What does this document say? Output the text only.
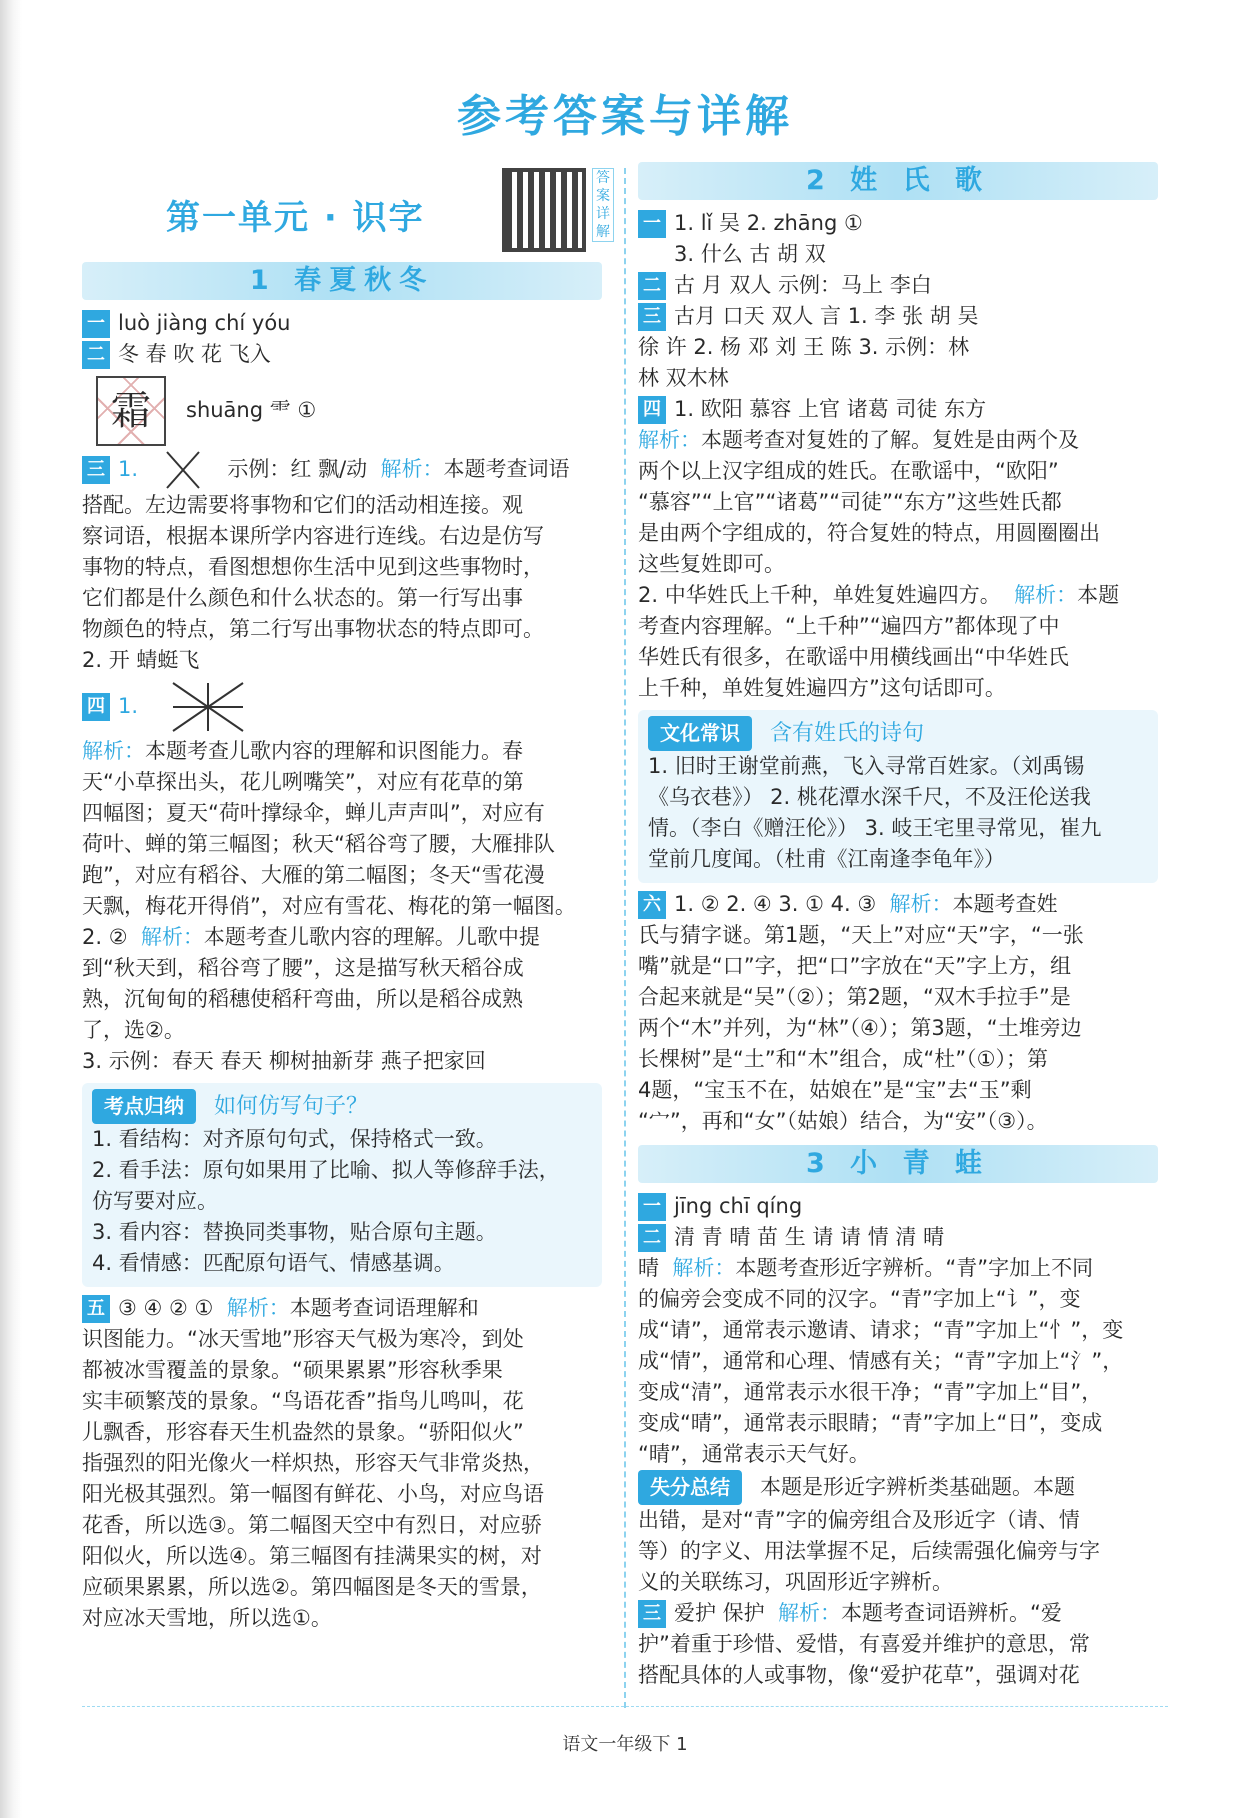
参考答案与详解
第一单元 · 识字
答案详解
1 春夏秋冬

一 luò jiàng chí yóu

二 冬 春 吹 花 飞入

霜 shuāng ⻗ ①

三 1.	示例：红 飘/动 解析：本题考查词语

搭配。左边需要将事物和它们的活动相连接。观

察词语，根据本课所学内容进行连线。右边是仿写

事物的特点，看图想想你生活中见到这些事物时，

它们都是什么颜色和什么状态的。第一行写出事

物颜色的特点，第二行写出事物状态的特点即可。

2. 开 蜻蜓飞

四 1.

解析：本题考查儿歌内容的理解和识图能力。春

天“小草探出头，花儿咧嘴笑”，对应有花草的第

四幅图；夏天“荷叶撑绿伞，蝉儿声声叫”，对应有

荷叶、蝉的第三幅图；秋天“稻谷弯了腰，大雁排队

跑”，对应有稻谷、大雁的第二幅图；冬天“雪花漫

天飘，梅花开得俏”，对应有雪花、梅花的第一幅图。

2. ② 解析：本题考查儿歌内容的理解。儿歌中提

到“秋天到，稻谷弯了腰”，这是描写秋天稻谷成

熟，沉甸甸的稻穗使稻秆弯曲，所以是稻谷成熟

了，选②。

3. 示例：春天 春天 柳树抽新芽 燕子把家回

考点归纳 如何仿写句子？

1. 看结构：对齐原句句式，保持格式一致。

2. 看手法：原句如果用了比喻、拟人等修辞手法，

仿写要对应。

3. 看内容：替换同类事物，贴合原句主题。

4. 看情感：匹配原句语气、情感基调。

五 ③ ④ ② ① 解析：本题考查词语理解和

识图能力。“冰天雪地”形容天气极为寒冷，到处

都被冰雪覆盖的景象。“硕果累累”形容秋季果

实丰硕繁茂的景象。“鸟语花香”指鸟儿鸣叫，花

儿飘香，形容春天生机盎然的景象。“骄阳似火”

指强烈的阳光像火一样炽热，形容天气非常炎热，

阳光极其强烈。第一幅图有鲜花、小鸟，对应鸟语

花香，所以选③。第二幅图天空中有烈日，对应骄

阳似火，所以选④。第三幅图有挂满果实的树，对

应硕果累累，所以选②。第四幅图是冬天的雪景，

对应冰天雪地，所以选①。

2 姓 氏 歌

一 1. lǐ 吴 2. zhāng ①

3. 什么 古 胡 双

二 古 月 双人 示例：马上 李白

三 古月 口天 双人 言 1. 李 张 胡 吴

徐 许 2. 杨 邓 刘 王 陈 3. 示例：林

林 双木林

四 1. 欧阳 慕容 上官 诸葛 司徒 东方

解析：本题考查对复姓的了解。复姓是由两个及

两个以上汉字组成的姓氏。在歌谣中，“欧阳”

“慕容”“上官”“诸葛”“司徒”“东方”这些姓氏都

是由两个字组成的，符合复姓的特点，用圆圈圈出

这些复姓即可。

2. 中华姓氏上千种，单姓复姓遍四方。 解析：本题

考查内容理解。“上千种”“遍四方”都体现了中

华姓氏有很多，在歌谣中用横线画出“中华姓氏

上千种，单姓复姓遍四方”这句话即可。

文化常识 含有姓氏的诗句

1. 旧时王谢堂前燕，飞入寻常百姓家。（刘禹锡

《乌衣巷》） 2. 桃花潭水深千尺，不及汪伦送我

情。（李白《赠汪伦》） 3. 岐王宅里寻常见，崔九

堂前几度闻。（杜甫《江南逢李龟年》）

六 1. ② 2. ④ 3. ① 4. ③ 解析：本题考查姓

氏与猜字谜。第1题，“天上”对应“天”字，“一张

嘴”就是“口”字，把“口”字放在“天”字上方，组

合起来就是“吴”（②）；第2题，“双木手拉手”是

两个“木”并列，为“林”（④）；第3题，“土堆旁边

长棵树”是“土”和“木”组合，成“杜”（①）；第

4题，“宝玉不在，姑娘在”是“宝”去“玉”剩

“宀”，再和“女”（姑娘）结合，为“安”（③）。

3 小 青 蛙

一 jīng chī qíng

二 清 青 晴 苗 生 请 请 情 清 晴

晴 解析：本题考查形近字辨析。“青”字加上不同

的偏旁会变成不同的汉字。“青”字加上“讠”，变

成“请”，通常表示邀请、请求；“青”字加上“忄”，变

成“情”，通常和心理、情感有关；“青”字加上“氵”，

变成“清”，通常表示水很干净；“青”字加上“目”，

变成“晴”，通常表示眼睛；“青”字加上“日”，变成

“晴”，通常表示天气好。

失分总结 本题是形近字辨析类基础题。本题

出错，是对“青”字的偏旁组合及形近字（请、情

等）的字义、用法掌握不足，后续需强化偏旁与字

义的关联练习，巩固形近字辨析。

三 爱护 保护 解析：本题考查词语辨析。“爱

护”着重于珍惜、爱惜，有喜爱并维护的意思，常

搭配具体的人或事物，像“爱护花草”，强调对花

语文一年级下 1
